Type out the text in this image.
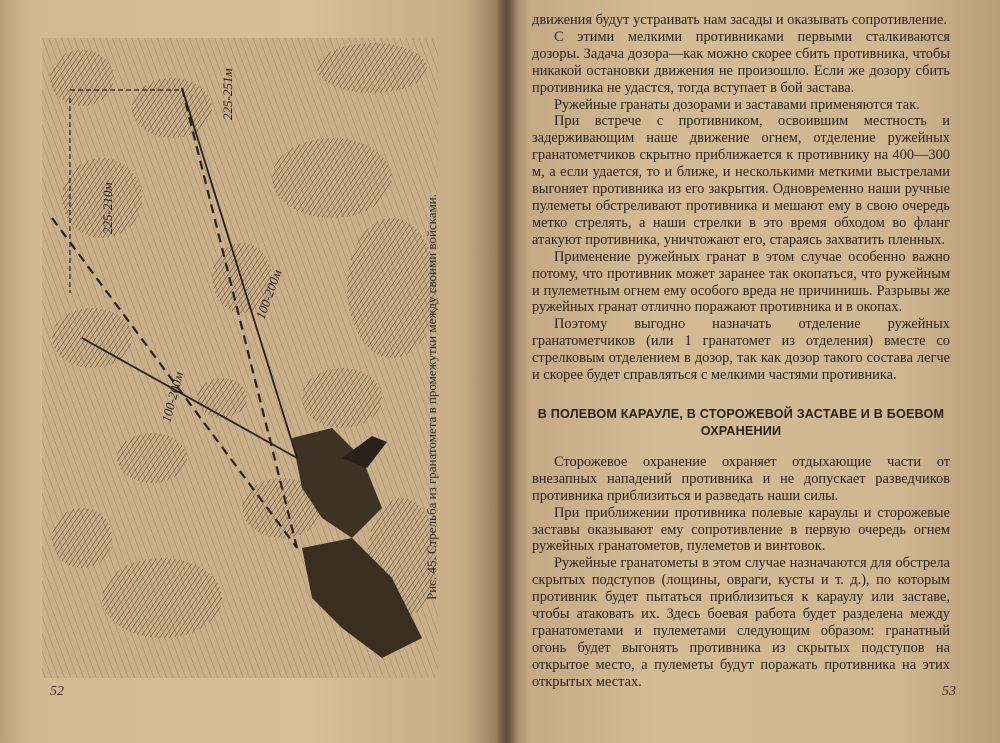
225-251м
225-210м
100-200м
100-200м	Рис. 45. Стрельба из гранатомета в промежутки между своими войсками.
52

движения будут устраивать нам засады и оказывать сопротивление.

С этими мелкими противниками первыми сталкиваются дозоры. Задача дозора—как можно скорее сбить противника, чтобы никакой остановки движения не произошло. Если же дозору сбить противника не удастся, тогда вступает в бой застава.

Ружейные гранаты дозорами и заставами применяются так.

При встрече с противником, освоившим местность и задерживающим наше движение огнем, отделение ружейных гранатометчиков скрытно приближается к противнику на 400—300 м, а если удается, то и ближе, и несколькими меткими выстрелами выгоняет противника из его закрытия. Одновременно наши ручные пулеметы обстреливают противника и мешают ему в свою очередь метко стрелять, а наши стрелки в это время обходом во фланг атакуют противника, уничтожают его, стараясь захватить пленных.

Применение ружейных гранат в этом случае особенно важно потому, что противник может заранее так окопаться, что ружейным и пулеметным огнем ему особого вреда не причинишь. Разрывы же ружейных гранат отлично поражают противника и в окопах.

Поэтому выгодно назначать отделение ружейных гранатометчиков (или 1 гранатомет из отделения) вместе со стрелковым отделением в дозор, так как дозор такого состава легче и скорее будет справляться с мелкими частями противника.

В ПОЛЕВОМ КАРАУЛЕ, В СТОРОЖЕВОЙ ЗАСТАВЕ И В БОЕВОМ ОХРАНЕНИИ

Сторожевое охранение охраняет отдыхающие части от внезапных нападений противника и не допускает разведчиков противника приблизиться и разведать наши силы.

При приближении противника полевые караулы и сторожевые заставы оказывают ему сопротивление в первую очередь огнем ружейных гранатометов, пулеметов и винтовок.

Ружейные гранатометы в этом случае назначаются для обстрела скрытых подступов (лощины, овраги, кусты и т. д.), по которым противник будет пытаться приблизиться к караулу или заставе, чтобы атаковать их. Здесь боевая работа будет разделена между гранатометами и пулеметами следующим образом: гранатный огонь будет выгонять противника из скрытых подступов на открытое место, а пулеметы будут поражать противника на этих открытых местах.

53
